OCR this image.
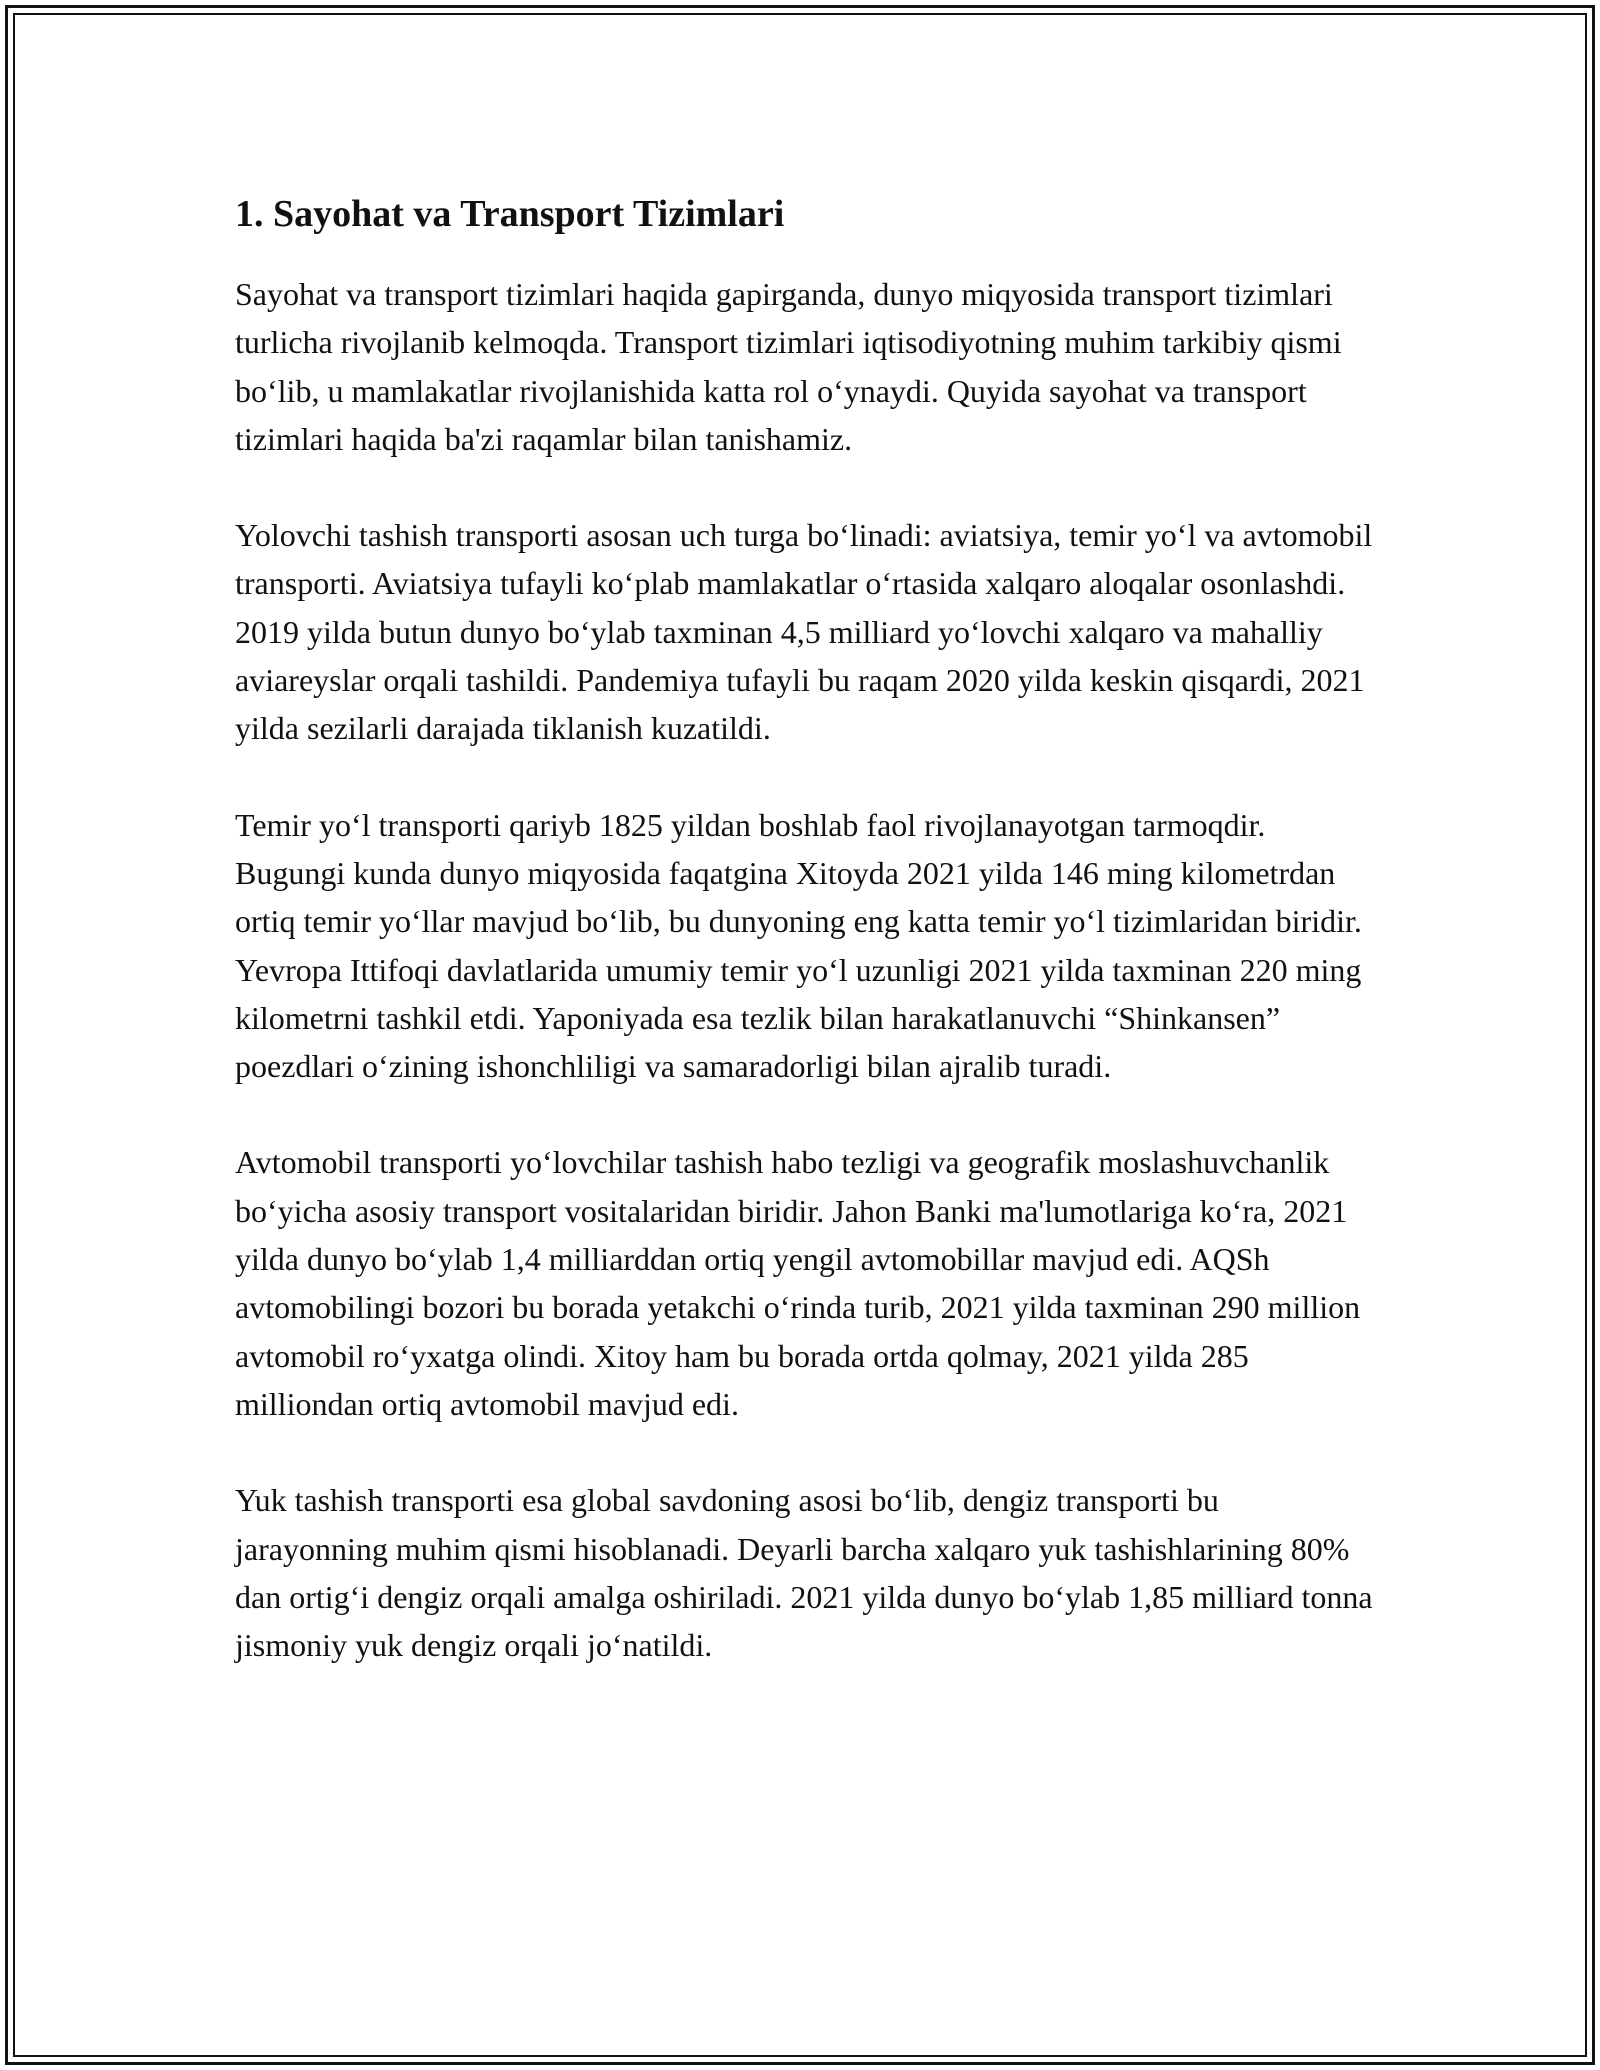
1. Sayohat va Transport Tizimlari

Sayohat va transport tizimlari haqida gapirganda, dunyo miqyosida transport tizimlari turlicha rivojlanib kelmoqda. Transport tizimlari iqtisodiyotning muhim tarkibiy qismi bo‘lib, u mamlakatlar rivojlanishida katta rol o‘ynaydi. Quyida sayohat va transport tizimlari haqida ba'zi raqamlar bilan tanishamiz.

Yolovchi tashish transporti asosan uch turga bo‘linadi: aviatsiya, temir yo‘l va avtomobil transporti. Aviatsiya tufayli ko‘plab mamlakatlar o‘rtasida xalqaro aloqalar osonlashdi. 2019 yilda butun dunyo bo‘ylab taxminan 4,5 milliard yo‘lovchi xalqaro va mahalliy aviareyslar orqali tashildi. Pandemiya tufayli bu raqam 2020 yilda keskin qisqardi, 2021 yilda sezilarli darajada tiklanish kuzatildi.

Temir yo‘l transporti qariyb 1825 yildan boshlab faol rivojlanayotgan tarmoqdir. Bugungi kunda dunyo miqyosida faqatgina Xitoyda 2021 yilda 146 ming kilometrdan ortiq temir yo‘llar mavjud bo‘lib, bu dunyoning eng katta temir yo‘l tizimlaridan biridir. Yevropa Ittifoqi davlatlarida umumiy temir yo‘l uzunligi 2021 yilda taxminan 220 ming kilometrni tashkil etdi. Yaponiyada esa tezlik bilan harakatlanuvchi “Shinkansen” poezdlari o‘zining ishonchliligi va samaradorligi bilan ajralib turadi.

Avtomobil transporti yo‘lovchilar tashish habo tezligi va geografik moslashuvchanlik bo‘yicha asosiy transport vositalaridan biridir. Jahon Banki ma'lumotlariga ko‘ra, 2021 yilda dunyo bo‘ylab 1,4 milliarddan ortiq yengil avtomobillar mavjud edi. AQSh avtomobilingi bozori bu borada yetakchi o‘rinda turib, 2021 yilda taxminan 290 million avtomobil ro‘yxatga olindi. Xitoy ham bu borada ortda qolmay, 2021 yilda 285 milliondan ortiq avtomobil mavjud edi.

Yuk tashish transporti esa global savdoning asosi bo‘lib, dengiz transporti bu jarayonning muhim qismi hisoblanadi. Deyarli barcha xalqaro yuk tashishlarining 80% dan ortig‘i dengiz orqali amalga oshiriladi. 2021 yilda dunyo bo‘ylab 1,85 milliard tonna jismoniy yuk dengiz orqali jo‘natildi.
